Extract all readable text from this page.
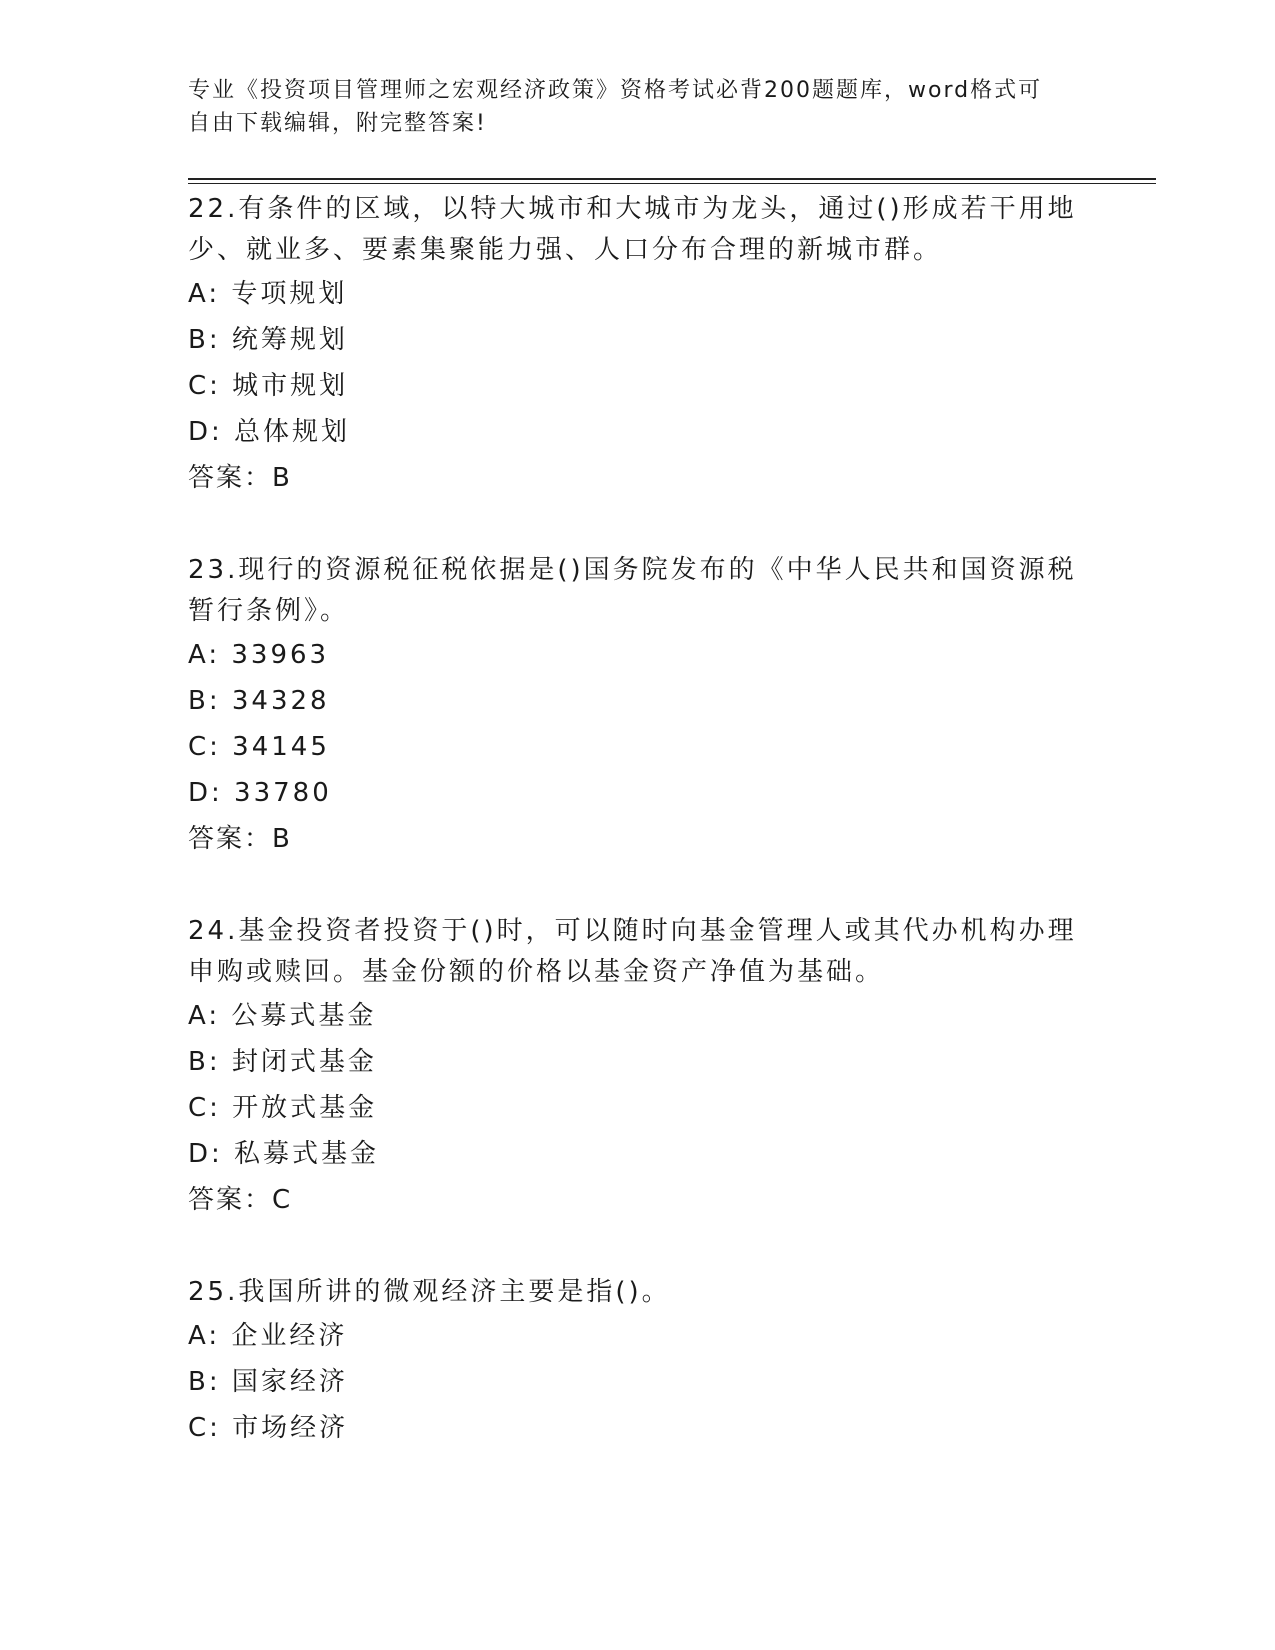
专业《投资项目管理师之宏观经济政策》资格考试必背200题题库，word格式可
自由下载编辑，附完整答案!

22.有条件的区域，以特大城市和大城市为龙头，通过()形成若干用地

少、就业多、要素集聚能力强、人口分布合理的新城市群。

A: 专项规划

B: 统筹规划

C: 城市规划

D: 总体规划

答案：B

23.现行的资源税征税依据是()国务院发布的《中华人民共和国资源税

暂行条例》。

A: 33963

B: 34328

C: 34145

D: 33780

答案：B

24.基金投资者投资于()时，可以随时向基金管理人或其代办机构办理

申购或赎回。基金份额的价格以基金资产净值为基础。

A: 公募式基金

B: 封闭式基金

C: 开放式基金

D: 私募式基金

答案：C

25.我国所讲的微观经济主要是指()。

A: 企业经济

B: 国家经济

C: 市场经济
